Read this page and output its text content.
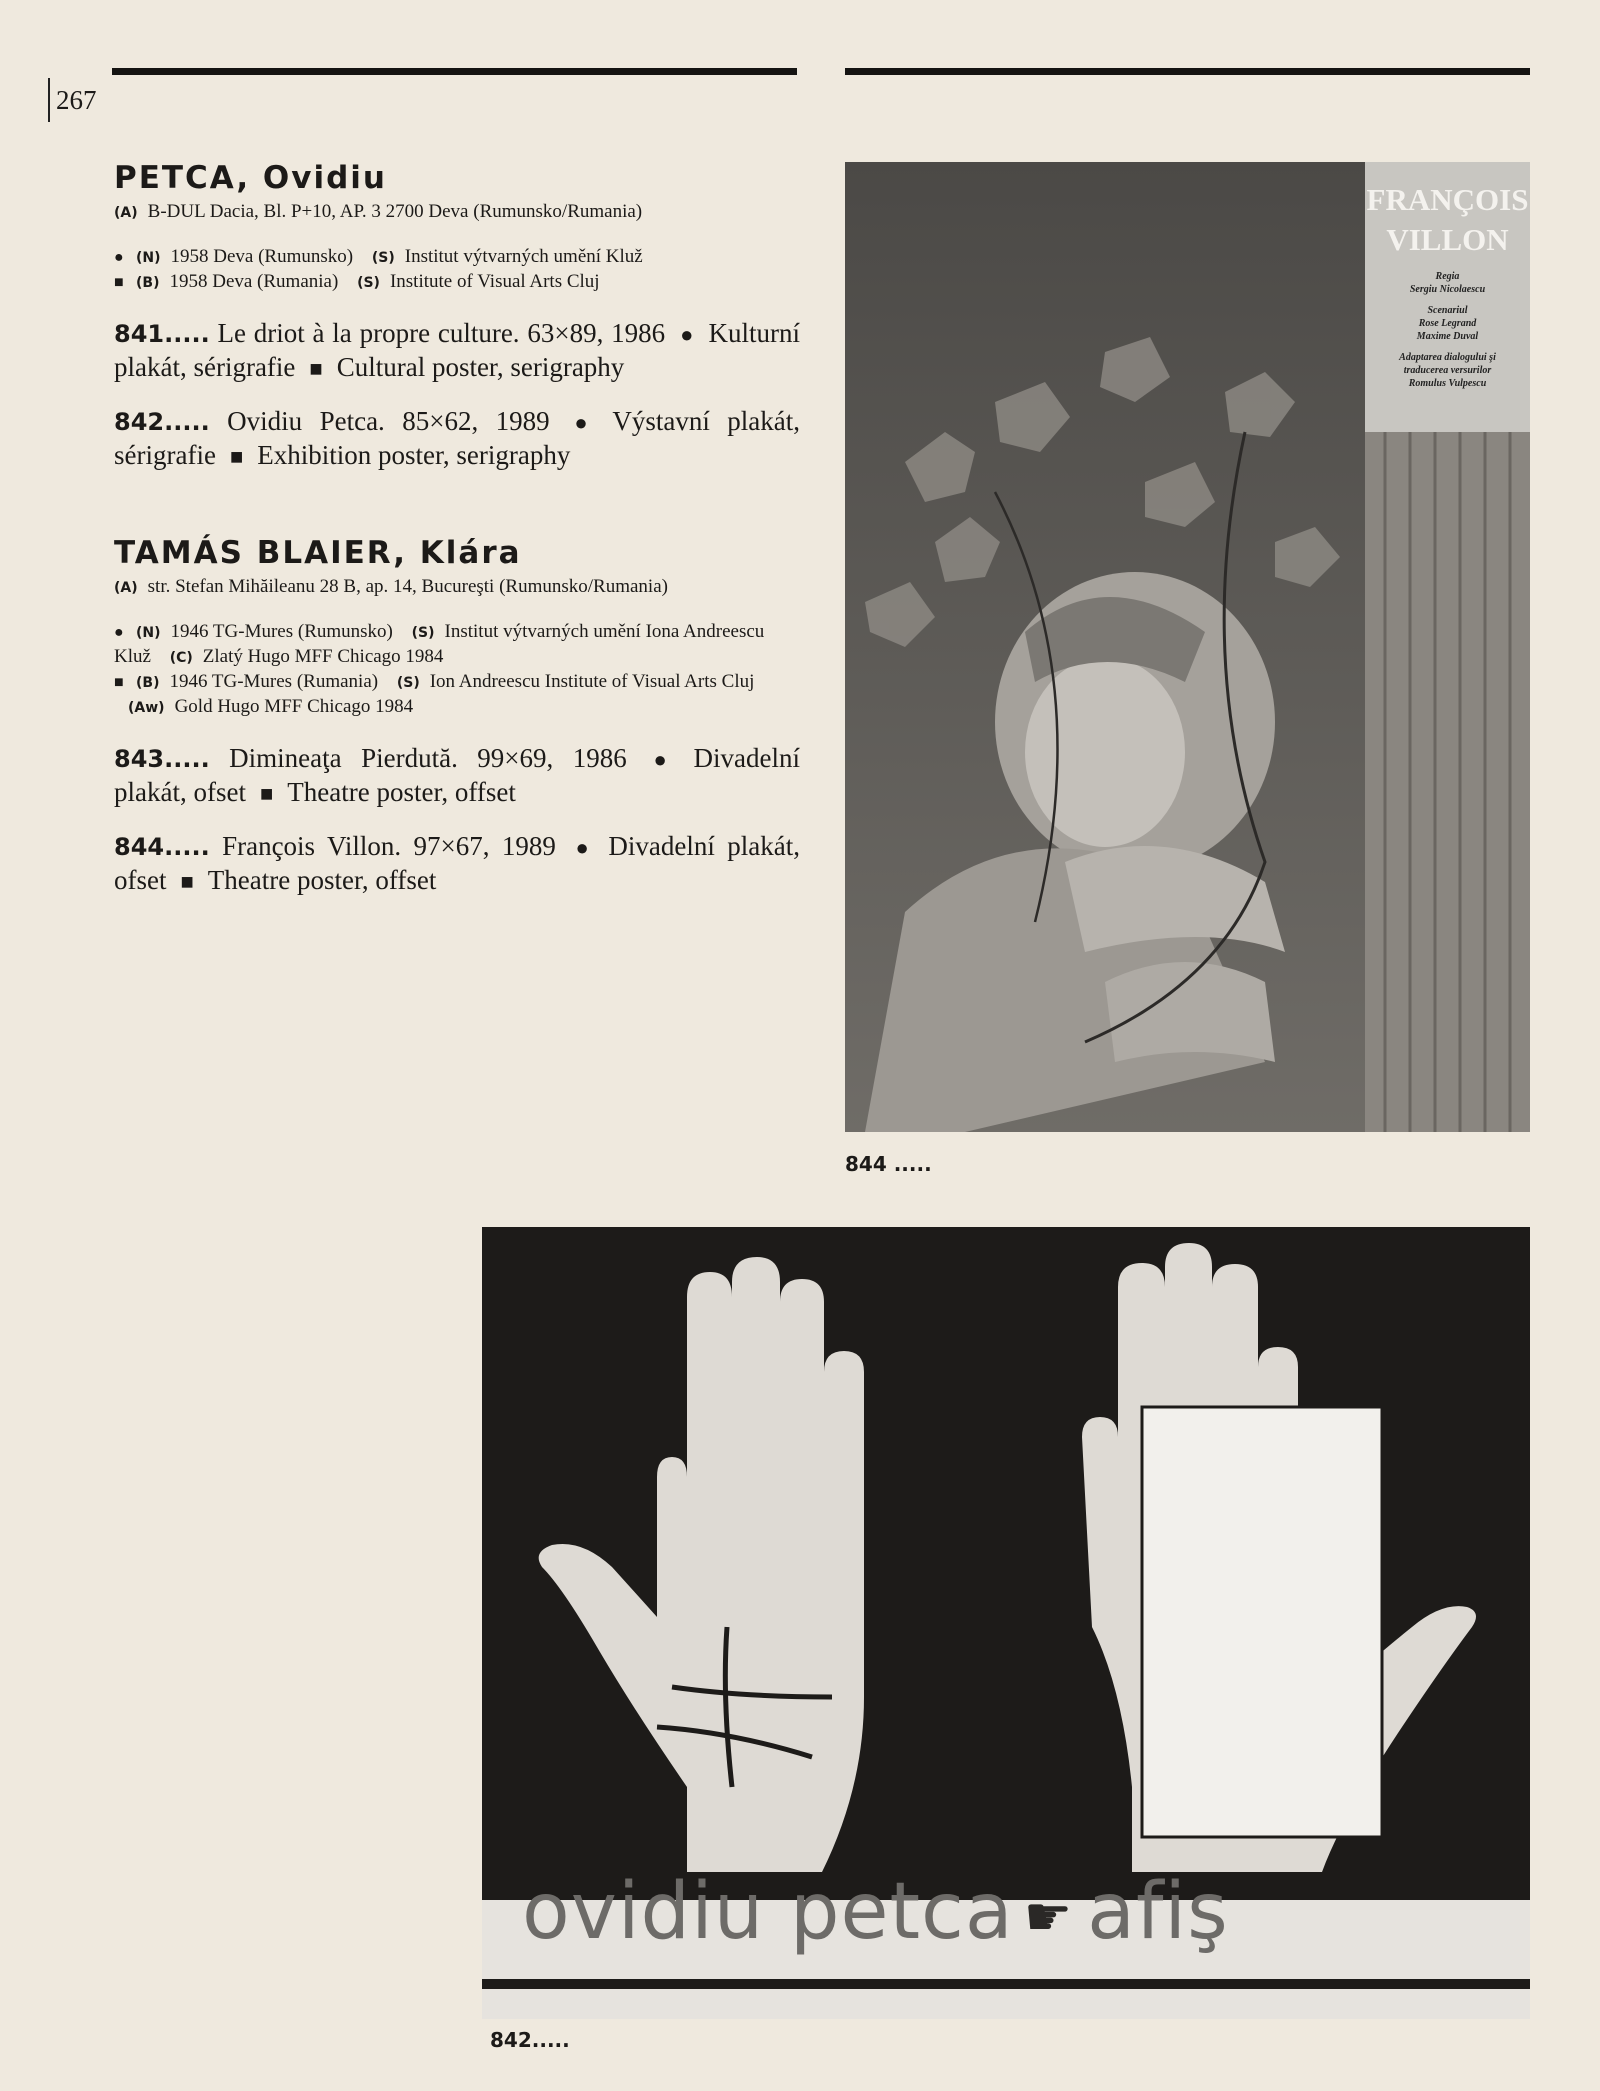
267
PETCA, Ovidiu

(A) B-DUL Dacia, Bl. P+10, AP. 3 2700 Deva (Rumunsko/Rumania)

● (N) 1958 Deva (Rumunsko) (S) Institut výtvarných umění Kluž

■ (B) 1958 Deva (Rumania) (S) Institute of Visual Arts Cluj

841..... Le driot à la propre culture. 63×89, 1986 ● Kulturní plakát, sérigrafie ■ Cultural poster, serigraphy

842..... Ovidiu Petca. 85×62, 1989 ● Výstavní plakát, sérigrafie ■ Exhibition poster, serigraphy

TAMÁS BLAIER, Klára

(A) str. Stefan Mihăileanu 28 B, ap. 14, Bucureşti (Rumunsko/Rumania)

● (N) 1946 TG-Mures (Rumunsko) (S) Institut výtvarných umění Iona Andreescu Kluž (C) Zlatý Hugo MFF Chicago 1984

■ (B) 1946 TG-Mures (Rumania) (S) Ion Andreescu Institute of Visual Arts Cluj (Aw) Gold Hugo MFF Chicago 1984

843..... Dimineaţa Pierdută. 99×69, 1986 ● Divadelní plakát, ofset ■ Theatre poster, offset

844..... François Villon. 97×67, 1989 ● Divadelní plakát, ofset ■ Theatre poster, offset

FRANÇOIS
VILLON

Regia

Sergiu Nicolaescu

Scenariul

Rose Legrand

Maxime Duval

Adaptarea dialogului şi

traducerea versurilor

Romulus Vulpescu

844 .....
ovidiu petca ☛ afiş
842.....
